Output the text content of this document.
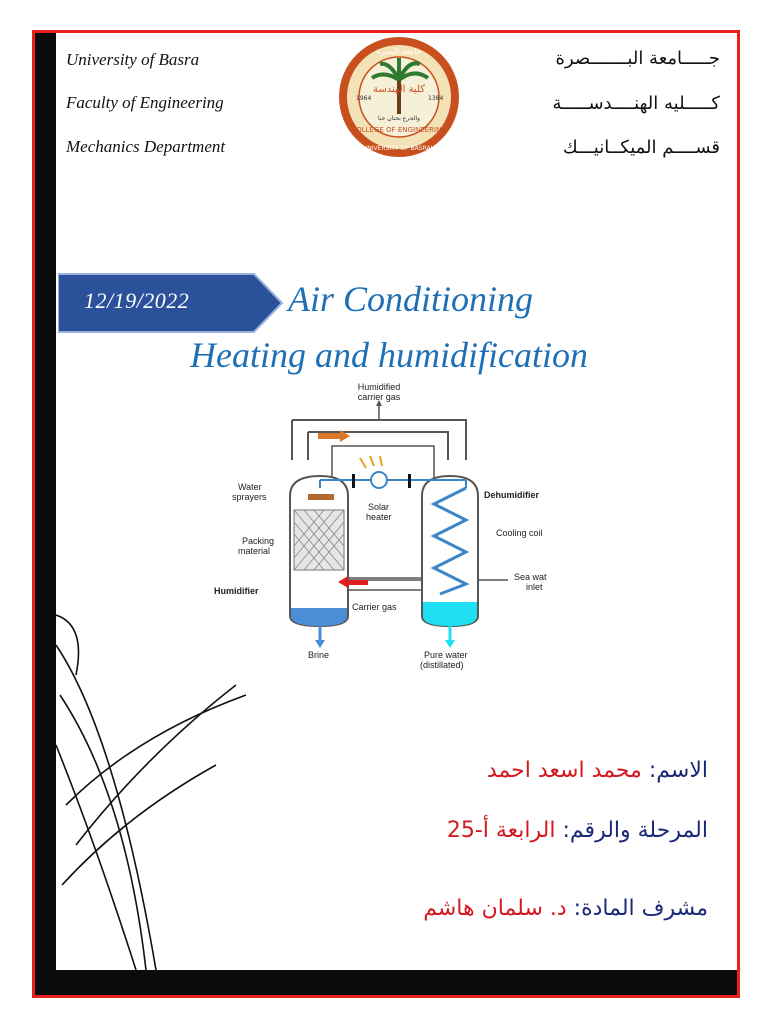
University of Basra
Faculty of Engineering
Mechanics Department
جـــــامعة البـــــــصرة
كـــــليه الهنــــدســـــة
قســــم الميكــانيـــك
جامعة البصرة
كلية الهندسة
والجرع بحنان حبا
COLLEGE OF ENGINEERING
UNIVERSITY OF BASRAH
1964	1384
12/19/2022	Air Conditioning
Heating and humidification
Humidified
carrier gas
Water
sprayers
Solar
heater
Dehumidifier
Cooling coil
Packing
material
Humidifier
Carrier gas
Sea wat
inlet
Brine	Pure water
(distillated)
الاسم: محمد اسعد احمد
المرحلة والرقم: الرابعة أ-25
مشرف المادة: د. سلمان هاشم
